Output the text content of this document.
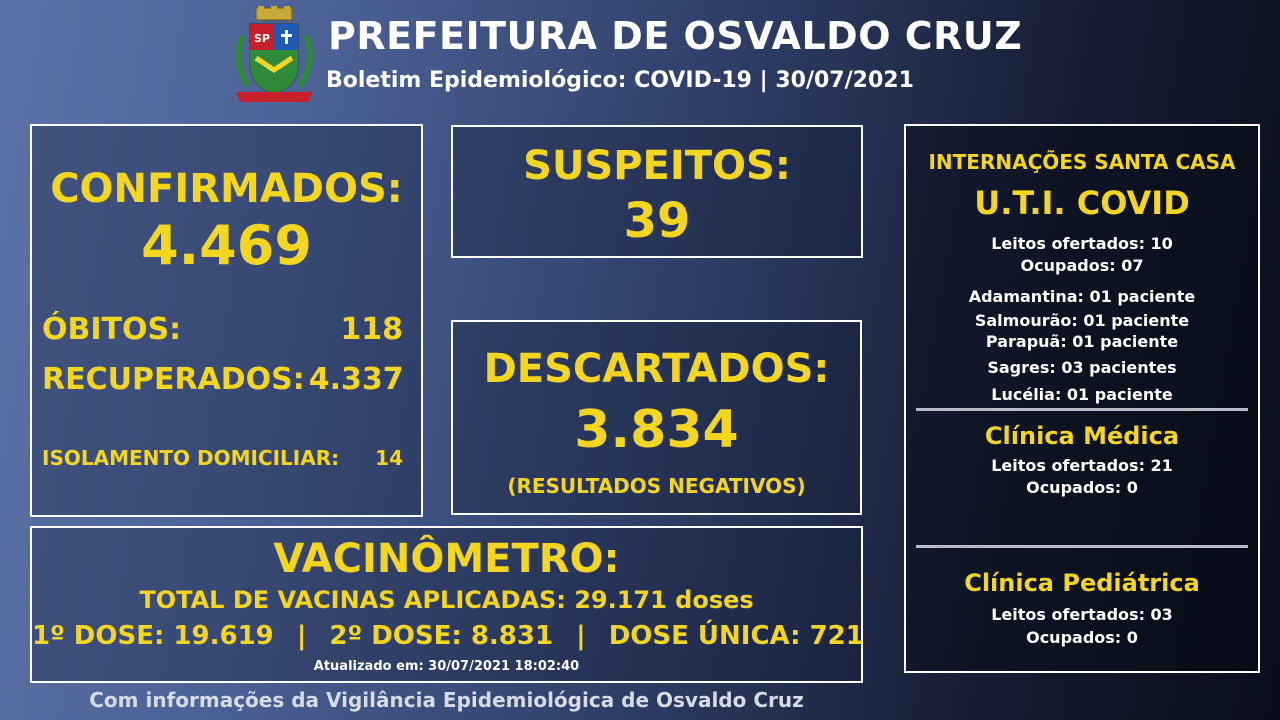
SP PREFEITURA DE OSVALDO CRUZ
Boletim Epidemiológico: COVID-19 | 30/07/2021
CONFIRMADOS:
4.469
ÓBITOS:	118
RECUPERADOS: 4.337
ISOLAMENTO DOMICILIAR: 14
SUSPEITOS:
39
DESCARTADOS:
3.834
(RESULTADOS NEGATIVOS)
VACINÔMETRO:
TOTAL DE VACINAS APLICADAS: 29.171 doses
1º DOSE: 19.619 | 2º DOSE: 8.831 | DOSE ÚNICA: 721
Atualizado em: 30/07/2021 18:02:40
INTERNAÇÕES SANTA CASA
U.T.I. COVID
Leitos ofertados: 10
Ocupados: 07
Adamantina: 01 paciente
Salmourão: 01 paciente
Parapuã: 01 paciente
Sagres: 03 pacientes
Lucélia: 01 paciente
Clínica Médica
Leitos ofertados: 21
Ocupados: 0
Clínica Pediátrica
Leitos ofertados: 03
Ocupados: 0
Com informações da Vigilância Epidemiológica de Osvaldo Cruz
